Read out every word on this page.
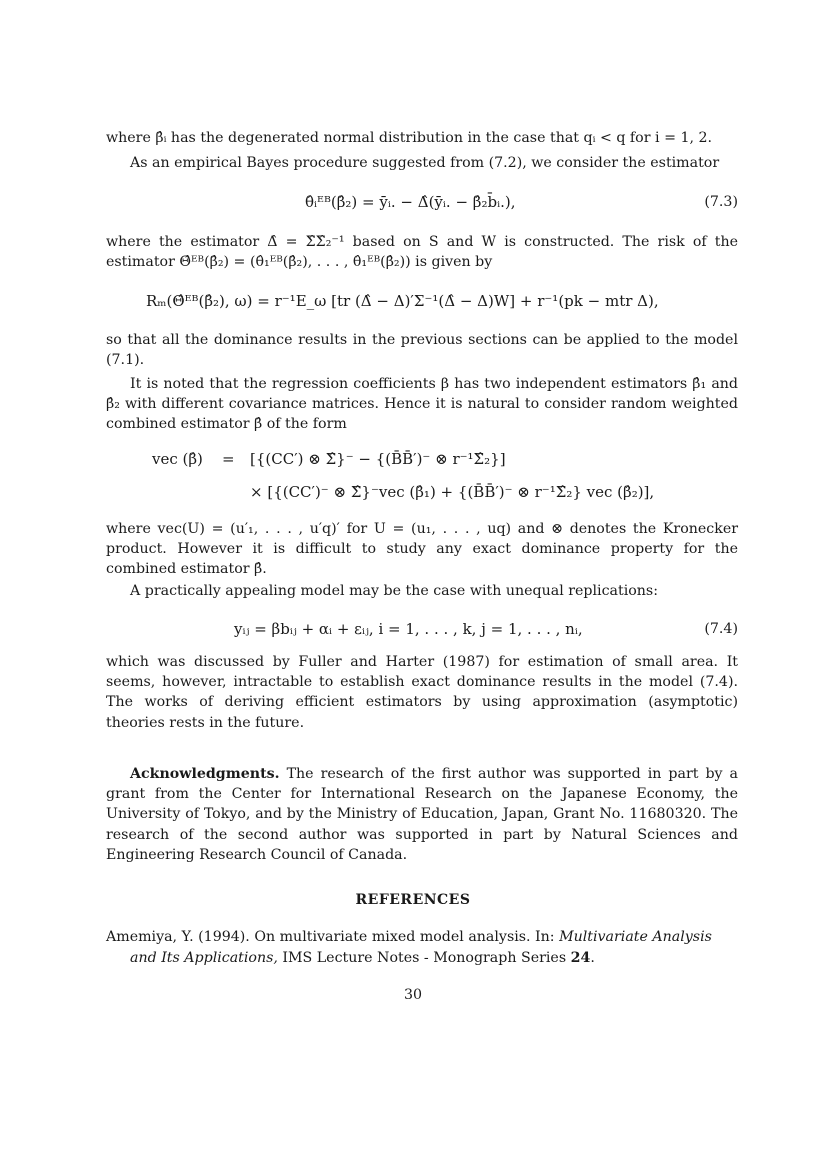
where β̂ᵢ has the degenerated normal distribution in the case that qᵢ < q for i = 1, 2.
As an empirical Bayes procedure suggested from (7.2), we consider the estimator
θ̂ᵢᴱᴮ(β̂₂) = ȳᵢ. − Δ̂(ȳᵢ. − β̂₂b̄ᵢ.),	(7.3)
where the estimator Δ̂ = Σ̂Σ̂₂⁻¹ based on S and W is constructed. The risk of the estimator Θ̂ᴱᴮ(β̂₂) = (θ̂₁ᴱᴮ(β̂₂), . . . , θ̂₁ᴱᴮ(β̂₂)) is given by
Rₘ(Θ̂ᴱᴮ(β̂₂), ω) = r⁻¹E_ω [tr (Δ̂ − Δ)′Σ⁻¹(Δ̂ − Δ)W] + r⁻¹(pk − mtr Δ),
so that all the dominance results in the previous sections can be applied to the model (7.1).
It is noted that the regression coefficients β has two independent estimators β̂₁ and β̂₂ with different covariance matrices. Hence it is natural to consider random weighted combined estimator β̂ of the form
vec (β̂) = [{(CC′) ⊗ Σ̂}⁻ − {(B̄B̄′)⁻ ⊗ r⁻¹Σ̂₂}]
× [{(CC′)⁻ ⊗ Σ̂}⁻vec (β̂₁) + {(B̄B̄′)⁻ ⊗ r⁻¹Σ̂₂} vec (β̂₂)],
where vec(U) = (u′₁, . . . , u′q)′ for U = (u₁, . . . , uq) and ⊗ denotes the Kronecker product. However it is difficult to study any exact dominance property for the combined estimator β̂.
A practically appealing model may be the case with unequal replications:
yᵢⱼ = βbᵢⱼ + αᵢ + εᵢⱼ, i = 1, . . . , k, j = 1, . . . , nᵢ,	(7.4)
which was discussed by Fuller and Harter (1987) for estimation of small area. It seems, however, intractable to establish exact dominance results in the model (7.4). The works of deriving efficient estimators by using approximation (asymptotic) theories rests in the future.
Acknowledgments. The research of the first author was supported in part by a grant from the Center for International Research on the Japanese Economy, the University of Tokyo, and by the Ministry of Education, Japan, Grant No. 11680320. The research of the second author was supported in part by Natural Sciences and Engineering Research Council of Canada.
REFERENCES
Amemiya, Y. (1994). On multivariate mixed model analysis. In: Multivariate Analysis and Its Applications, IMS Lecture Notes - Monograph Series 24.
30
